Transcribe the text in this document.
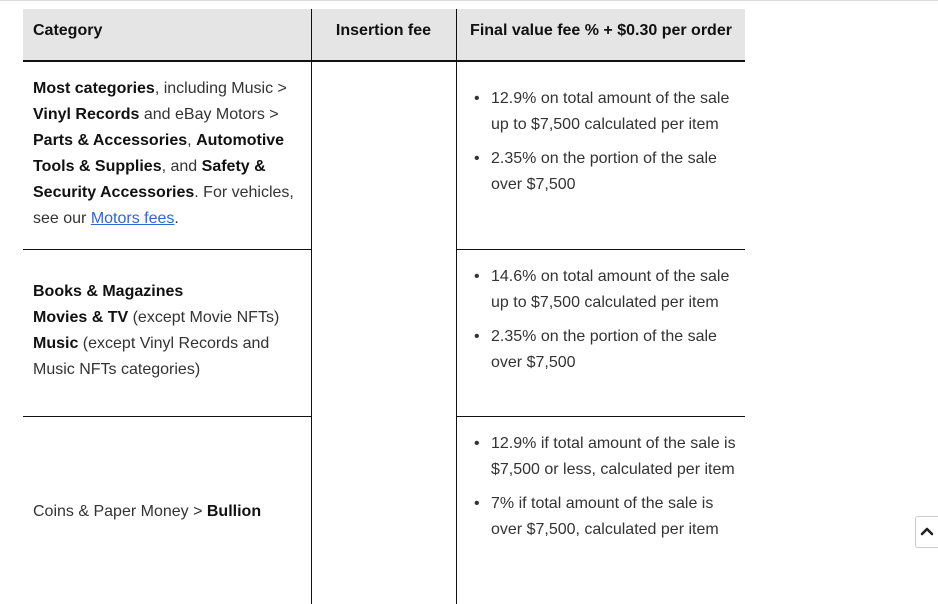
Category	Insertion fee	Final value fee % + $0.30 per order
Most categories, including Music > Vinyl Records and eBay Motors > Parts & Accessories, Automotive Tools & Supplies, and Safety & Security Accessories. For vehicles, see our Motors fees.
• 12.9% on total amount of the sale up to $7,500 calculated per item
• 2.35% on the portion of the sale over $7,500
Books & Magazines
Movies & TV (except Movie NFTs)
Music (except Vinyl Records and Music NFTs categories)
• 14.6% on total amount of the sale up to $7,500 calculated per item
• 2.35% on the portion of the sale over $7,500
Coins & Paper Money > Bullion
• 12.9% if total amount of the sale is $7,500 or less, calculated per item
• 7% if total amount of the sale is over $7,500, calculated per item
